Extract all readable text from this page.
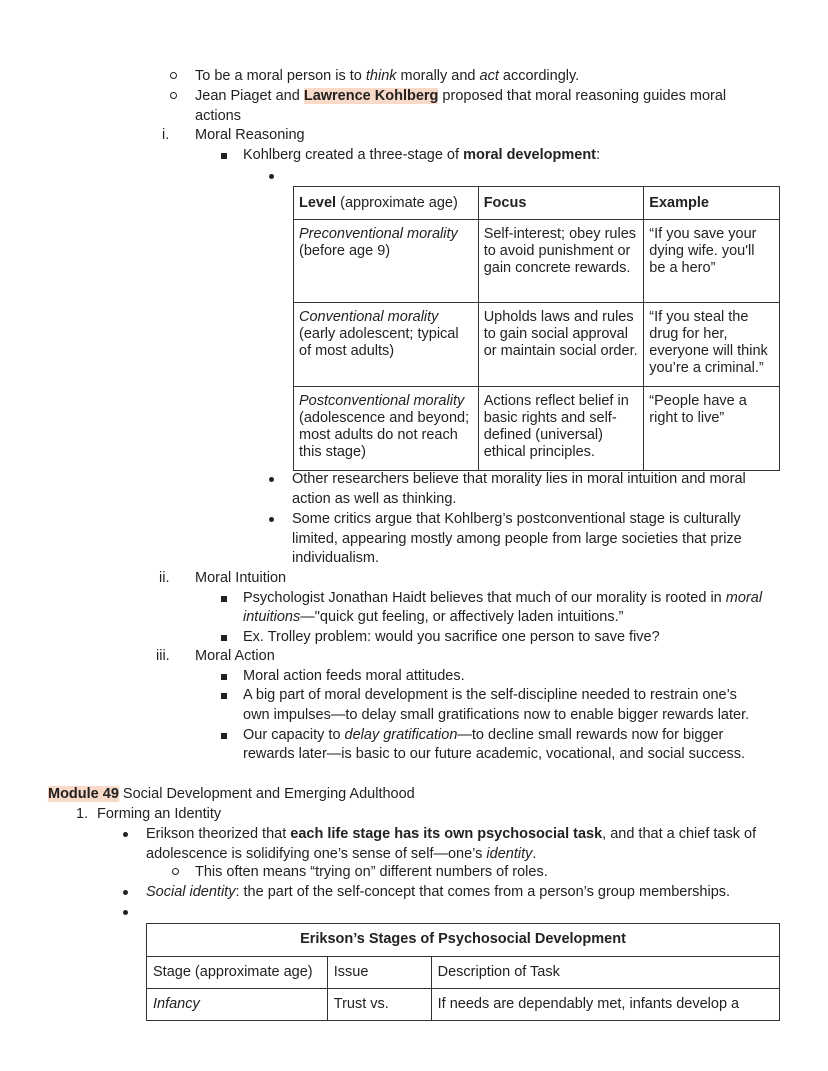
To be a moral person is to think morally and act accordingly.
Jean Piaget and Lawrence Kohlberg proposed that moral reasoning guides moral
actions
i. Moral Reasoning
Kohlberg created a three-stage of moral development:
Level (approximate age)	Focus	Example
Preconventional morality
(before age 9)	Self-interest; obey rules to avoid punishment or gain concrete rewards.	“If you save your dying wife. you'll be a hero”
Conventional morality
(early adolescent; typical of most adults)	Upholds laws and rules to gain social approval or maintain social order.	“If you steal the drug for her, everyone will think you’re a criminal.”
Postconventional morality
(adolescence and beyond; most adults do not reach this stage)	Actions reflect belief in basic rights and self-defined (universal) ethical principles.	“People have a right to live”
Other researchers believe that morality lies in moral intuition and moral
action as well as thinking.
Some critics argue that Kohlberg’s postconventional stage is culturally
limited, appearing mostly among people from large societies that prize
individualism.
ii. Moral Intuition
Psychologist Jonathan Haidt believes that much of our morality is rooted in moral
intuitions—"quick gut feeling, or affectively laden intuitions.”
Ex. Trolley problem: would you sacrifice one person to save five?
iii. Moral Action
Moral action feeds moral attitudes.
A big part of moral development is the self-discipline needed to restrain one’s
own impulses—to delay small gratifications now to enable bigger rewards later.
Our capacity to delay gratification—to decline small rewards now for bigger
rewards later—is basic to our future academic, vocational, and social success.
Module 49 Social Development and Emerging Adulthood
1. Forming an Identity
Erikson theorized that each life stage has its own psychosocial task, and that a chief task of
adolescence is solidifying one’s sense of self—one’s identity.
This often means “trying on” different numbers of roles.
Social identity: the part of the self-concept that comes from a person’s group memberships.
Erikson’s Stages of Psychosocial Development		
Stage (approximate age)	Issue	Description of Task
Infancy	Trust vs.	If needs are dependably met, infants develop a
